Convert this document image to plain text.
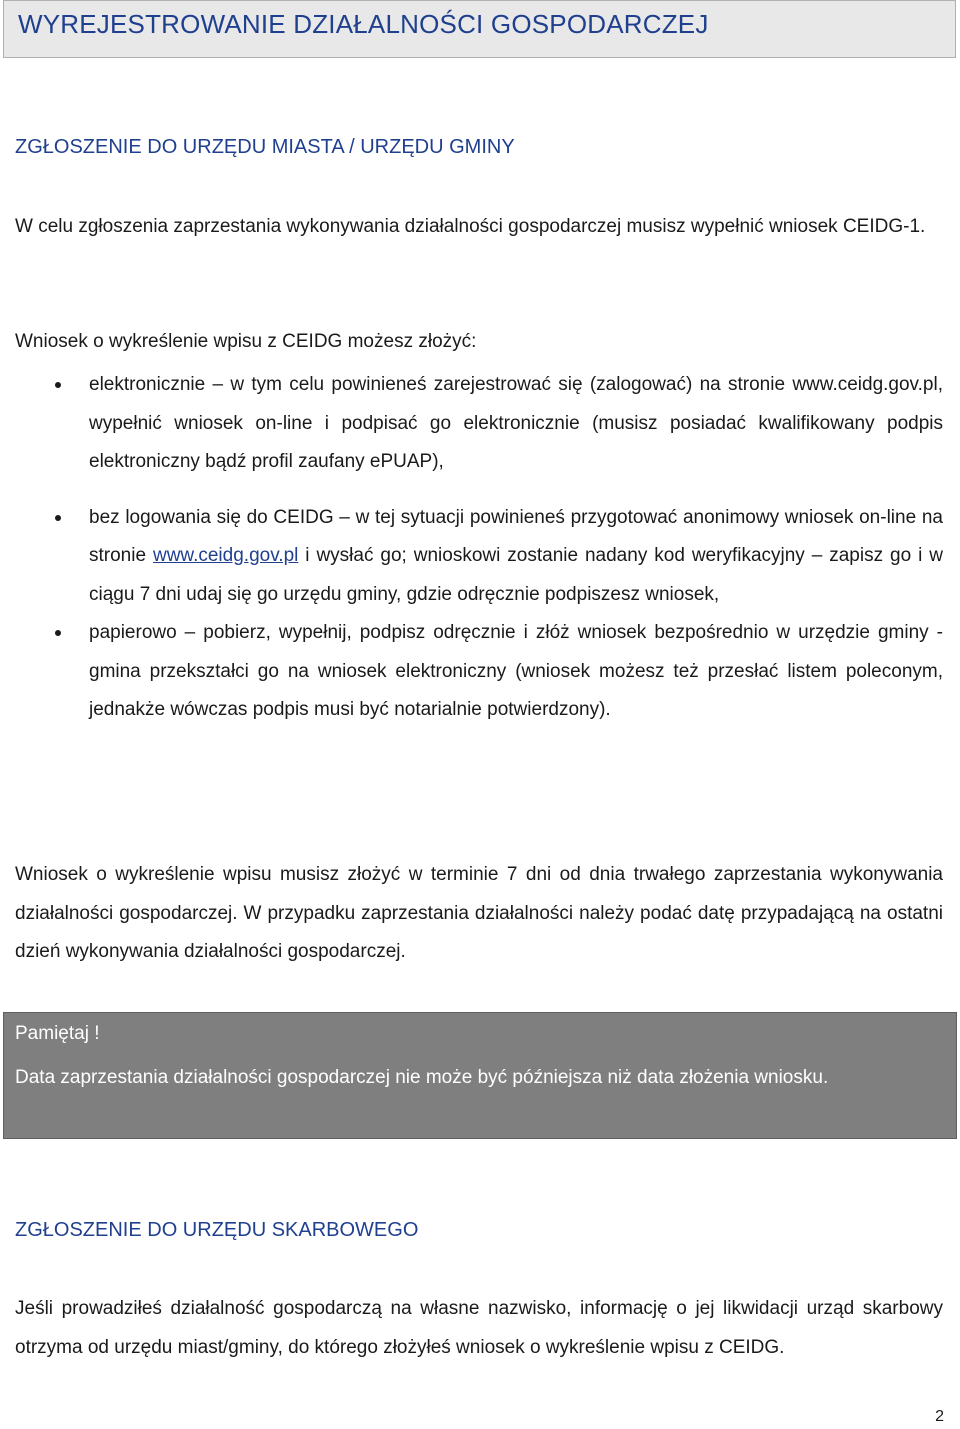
WYREJESTROWANIE DZIAŁALNOŚCI GOSPODARCZEJ
ZGŁOSZENIE DO URZĘDU MIASTA / URZĘDU GMINY

W celu zgłoszenia zaprzestania wykonywania działalności gospodarczej musisz wypełnić wniosek CEIDG-1.

Wniosek o wykreślenie wpisu z CEIDG możesz złożyć:

elektronicznie – w tym celu powinieneś zarejestrować się (zalogować) na stronie www.ceidg.gov.pl, wypełnić wniosek on-line i podpisać go elektronicznie (musisz posiadać kwalifikowany podpis elektroniczny bądź profil zaufany ePUAP),
bez logowania się do CEIDG – w tej sytuacji powinieneś przygotować anonimowy wniosek on-line na stronie www.ceidg.gov.pl i wysłać go; wnioskowi zostanie nadany kod weryfikacyjny – zapisz go i w ciągu 7 dni udaj się go urzędu gminy, gdzie odręcznie podpiszesz wniosek,
papierowo – pobierz, wypełnij, podpisz odręcznie i złóż wniosek bezpośrednio w urzędzie gminy - gmina przekształci go na wniosek elektroniczny (wniosek możesz też przesłać listem poleconym, jednakże wówczas podpis musi być notarialnie potwierdzony).

Wniosek o wykreślenie wpisu musisz złożyć w terminie 7 dni od dnia trwałego zaprzestania wykonywania działalności gospodarczej. W przypadku zaprzestania działalności należy podać datę przypadającą na ostatni dzień wykonywania działalności gospodarczej.

Pamiętaj !

Data zaprzestania działalności gospodarczej nie może być późniejsza niż data złożenia wniosku.

ZGŁOSZENIE DO URZĘDU SKARBOWEGO

Jeśli prowadziłeś działalność gospodarczą na własne nazwisko, informację o jej likwidacji urząd skarbowy otrzyma od urzędu miast/gminy, do którego złożyłeś wniosek o wykreślenie wpisu z CEIDG.

2
